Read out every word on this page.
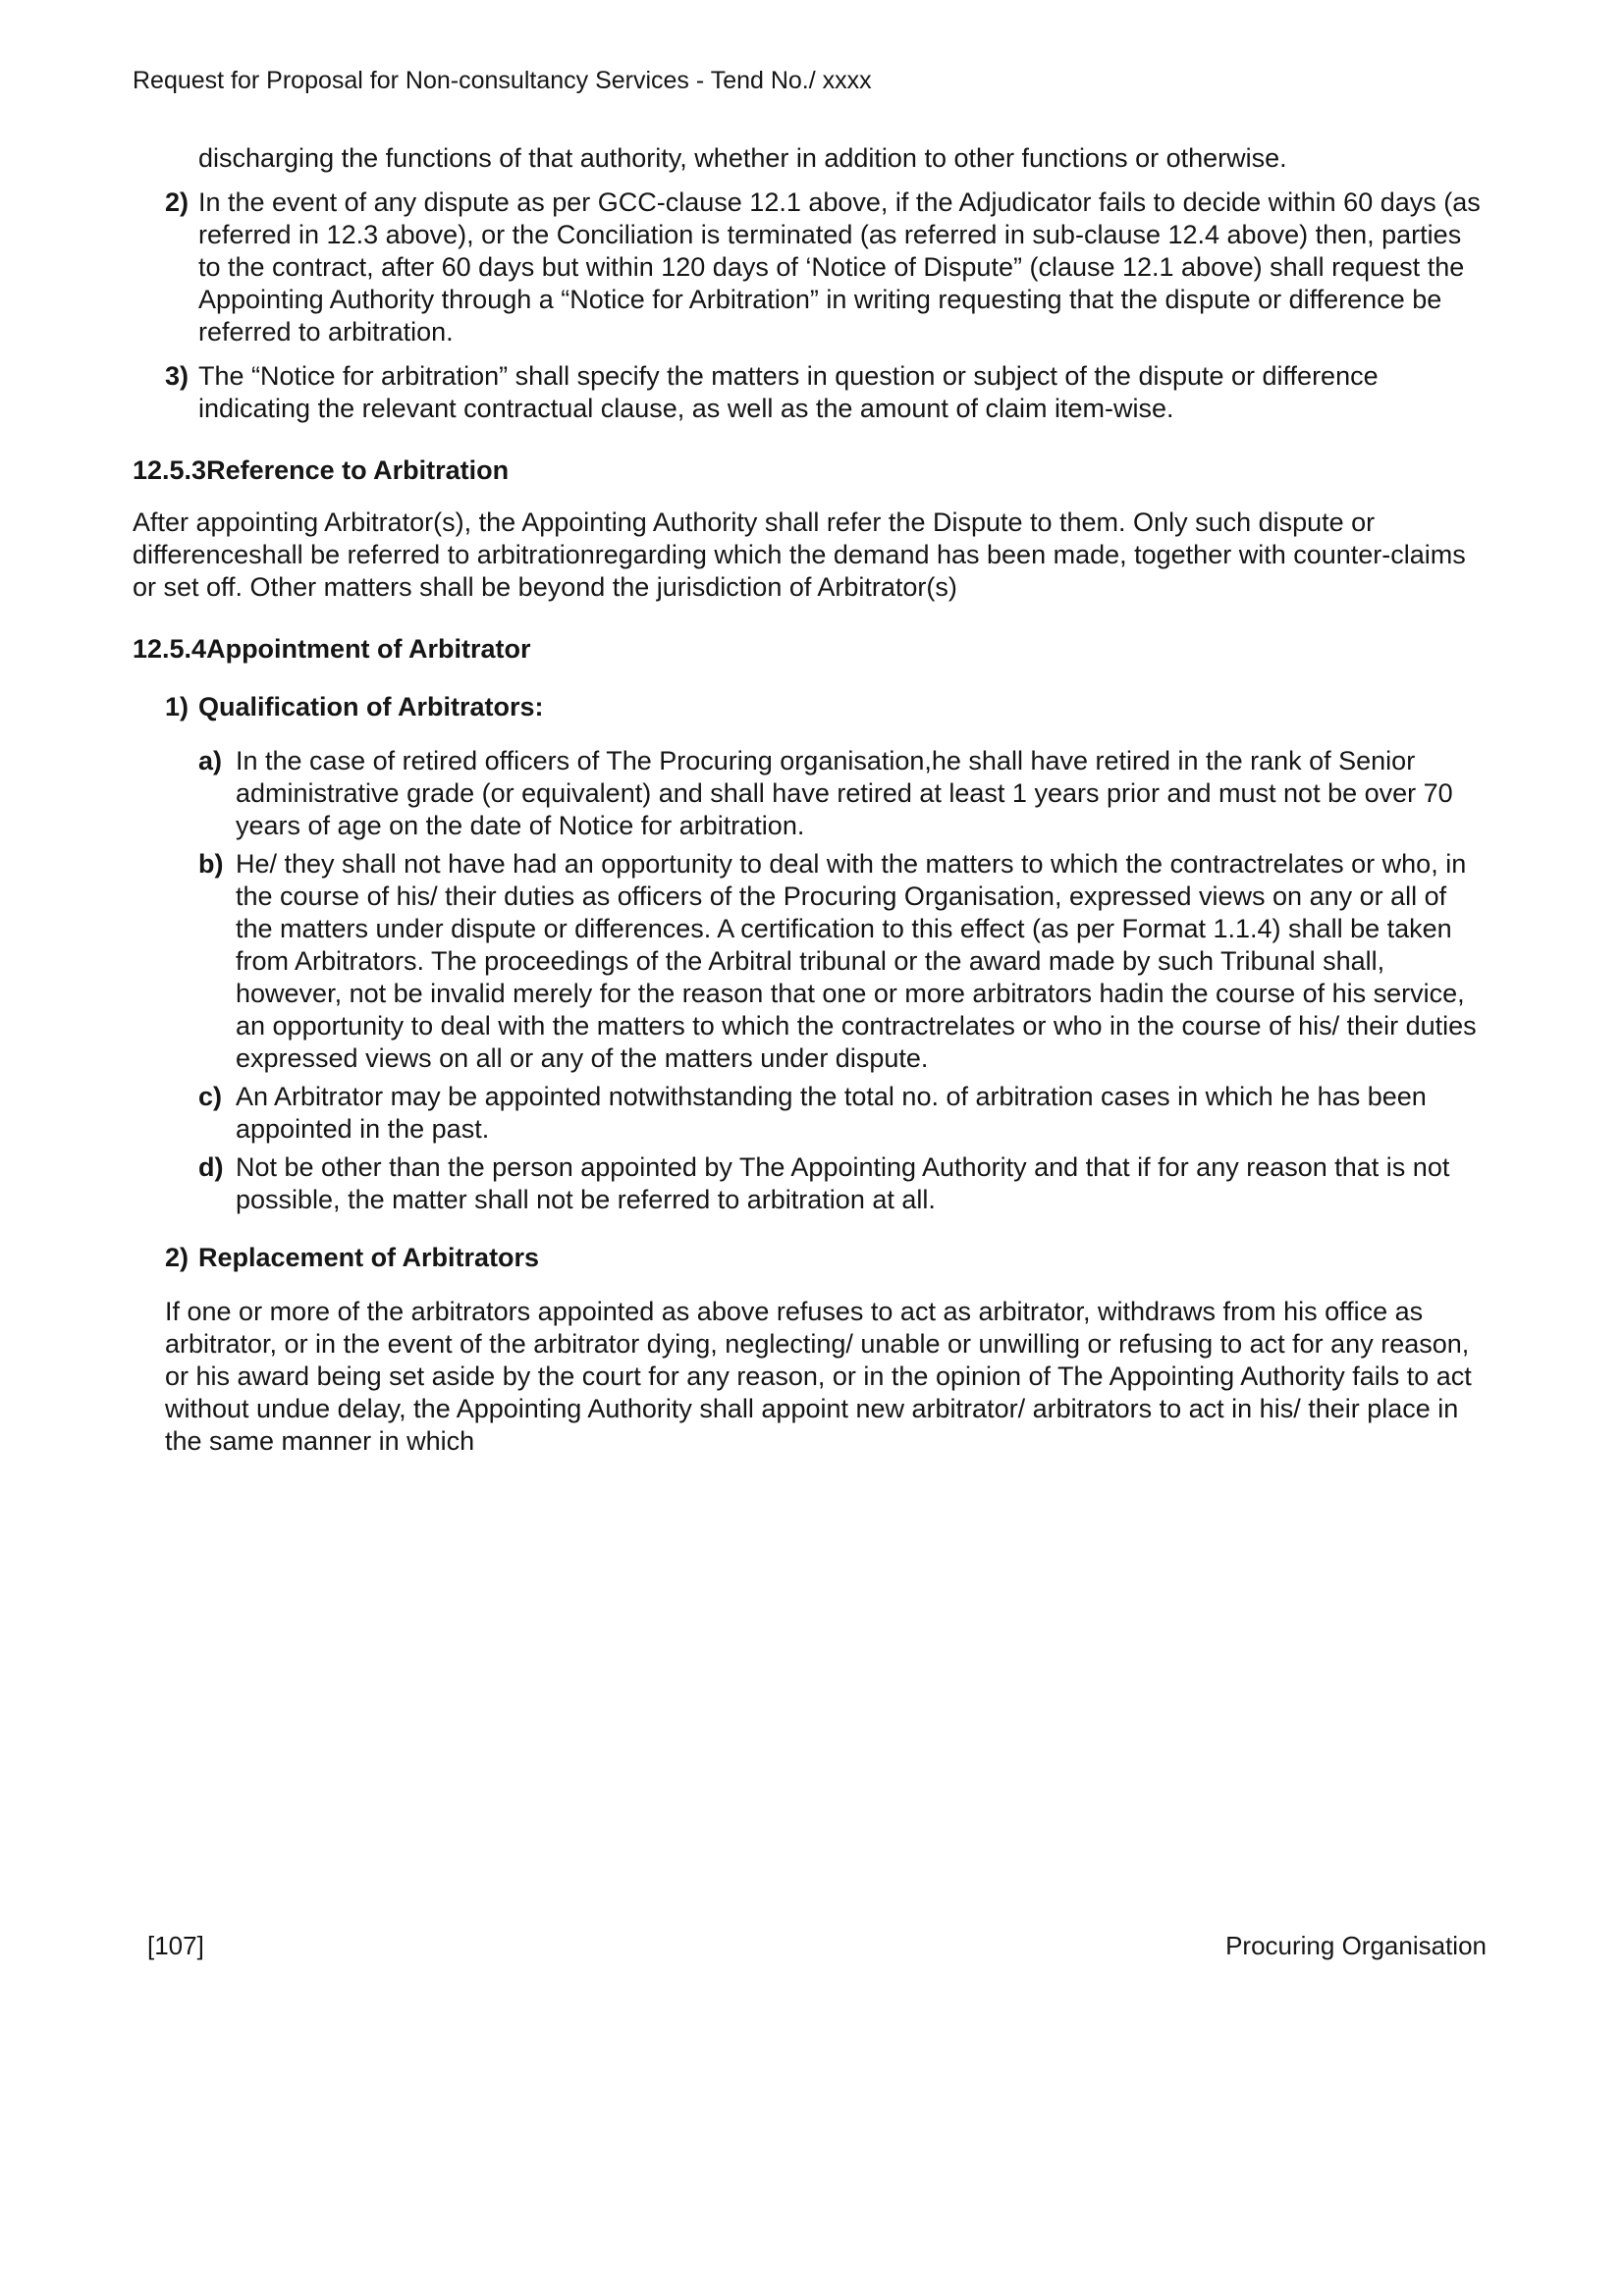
Request for Proposal for Non-consultancy Services - Tend No./ xxxx

discharging the functions of that authority, whether in addition to other functions or otherwise.

2) In the event of any dispute as per GCC-clause 12.1 above, if the Adjudicator fails to decide within 60 days (as referred in 12.3 above), or the Conciliation is terminated (as referred in sub-clause 12.4 above) then, parties to the contract, after 60 days but within 120 days of ‘Notice of Dispute” (clause 12.1 above) shall request the Appointing Authority through a “Notice for Arbitration” in writing requesting that the dispute or difference be referred to arbitration.
3) The “Notice for arbitration” shall specify the matters in question or subject of the dispute or difference indicating the relevant contractual clause, as well as the amount of claim item-wise.
12.5.3 Reference to Arbitration

After appointing Arbitrator(s), the Appointing Authority shall refer the Dispute to them. Only such dispute or differenceshall be referred to arbitrationregarding which the demand has been made, together with counter-claims or set off. Other matters shall be beyond the jurisdiction of Arbitrator(s)

12.5.4 Appointment of Arbitrator
1) Qualification of Arbitrators:
a) In the case of retired officers of The Procuring organisation,he shall have retired in the rank of Senior administrative grade (or equivalent) and shall have retired at least 1 years prior and must not be over 70 years of age on the date of Notice for arbitration.
b) He/ they shall not have had an opportunity to deal with the matters to which the contractrelates or who, in the course of his/ their duties as officers of the Procuring Organisation, expressed views on any or all of the matters under dispute or differences. A certification to this effect (as per Format 1.1.4) shall be taken from Arbitrators. The proceedings of the Arbitral tribunal or the award made by such Tribunal shall, however, not be invalid merely for the reason that one or more arbitrators hadin the course of his service, an opportunity to deal with the matters to which the contractrelates or who in the course of his/ their duties expressed views on all or any of the matters under dispute.
c) An Arbitrator may be appointed notwithstanding the total no. of arbitration cases in which he has been appointed in the past.
d) Not be other than the person appointed by The Appointing Authority and that if for any reason that is not possible, the matter shall not be referred to arbitration at all.
2) Replacement of Arbitrators

If one or more of the arbitrators appointed as above refuses to act as arbitrator, withdraws from his office as arbitrator, or in the event of the arbitrator dying, neglecting/ unable or unwilling or refusing to act for any reason, or his award being set aside by the court for any reason, or in the opinion of The Appointing Authority fails to act without undue delay, the Appointing Authority shall appoint new arbitrator/ arbitrators to act in his/ their place in the same manner in which

[107]	Procuring Organisation
